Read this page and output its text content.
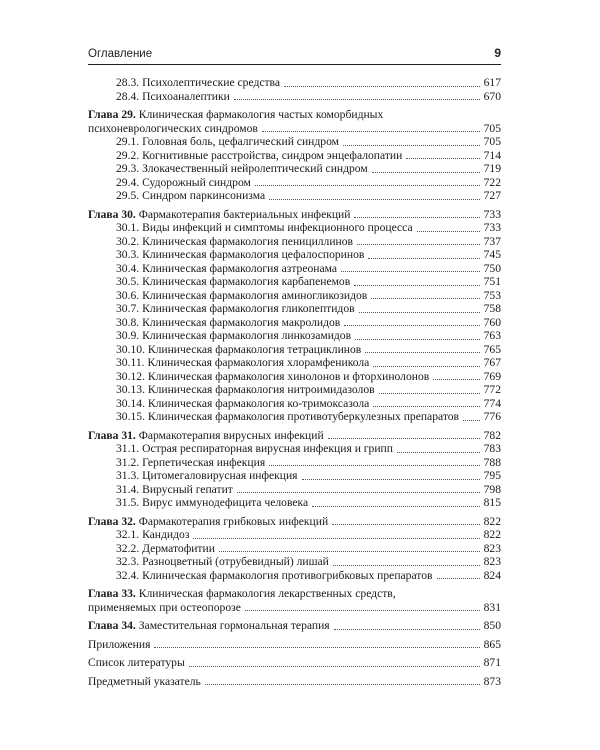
Оглавление	9
28.3. Психолептические средства	617
28.4. Психоаналептики	670
Глава 29. Клиническая фармакология частых коморбидных
психоневрологических синдромов	705
29.1. Головная боль, цефалгический синдром	705
29.2. Когнитивные расстройства, синдром энцефалопатии	714
29.3. Злокачественный нейролептический синдром	719
29.4. Судорожный синдром	722
29.5. Синдром паркинсонизма	727
Глава 30. Фармакотерапия бактериальных инфекций	733
30.1. Виды инфекций и симптомы инфекционного процесса	733
30.2. Клиническая фармакология пенициллинов	737
30.3. Клиническая фармакология цефалоспоринов	745
30.4. Клиническая фармакология азтреонама	750
30.5. Клиническая фармакология карбапенемов	751
30.6. Клиническая фармакология аминогликозидов	753
30.7. Клиническая фармакология гликопептидов	758
30.8. Клиническая фармакология макролидов	760
30.9. Клиническая фармакология линкозамидов	763
30.10. Клиническая фармакология тетрациклинов	765
30.11. Клиническая фармакология хлорамфеникола	767
30.12. Клиническая фармакология хинолонов и фторхинолонов	769
30.13. Клиническая фармакология нитроимидазолов	772
30.14. Клиническая фармакология ко-тримоксазола	774
30.15. Клиническая фармакология противотуберкулезных препаратов 776
Глава 31. Фармакотерапия вирусных инфекций	782
31.1. Острая респираторная вирусная инфекция и грипп	783
31.2. Герпетическая инфекция	788
31.3. Цитомегаловирусная инфекция	795
31.4. Вирусный гепатит	798
31.5. Вирус иммунодефицита человека	815
Глава 32. Фармакотерапия грибковых инфекций	822
32.1. Кандидоз	822
32.2. Дерматофитии	823
32.3. Разноцветный (отрубевидный) лишай	823
32.4. Клиническая фармакология противогрибковых препаратов	824
Глава 33. Клиническая фармакология лекарственных средств,
применяемых при остеопорозе	831
Глава 34. Заместительная гормональная терапия	850
Приложения	865
Список литературы	871
Предметный указатель	873
